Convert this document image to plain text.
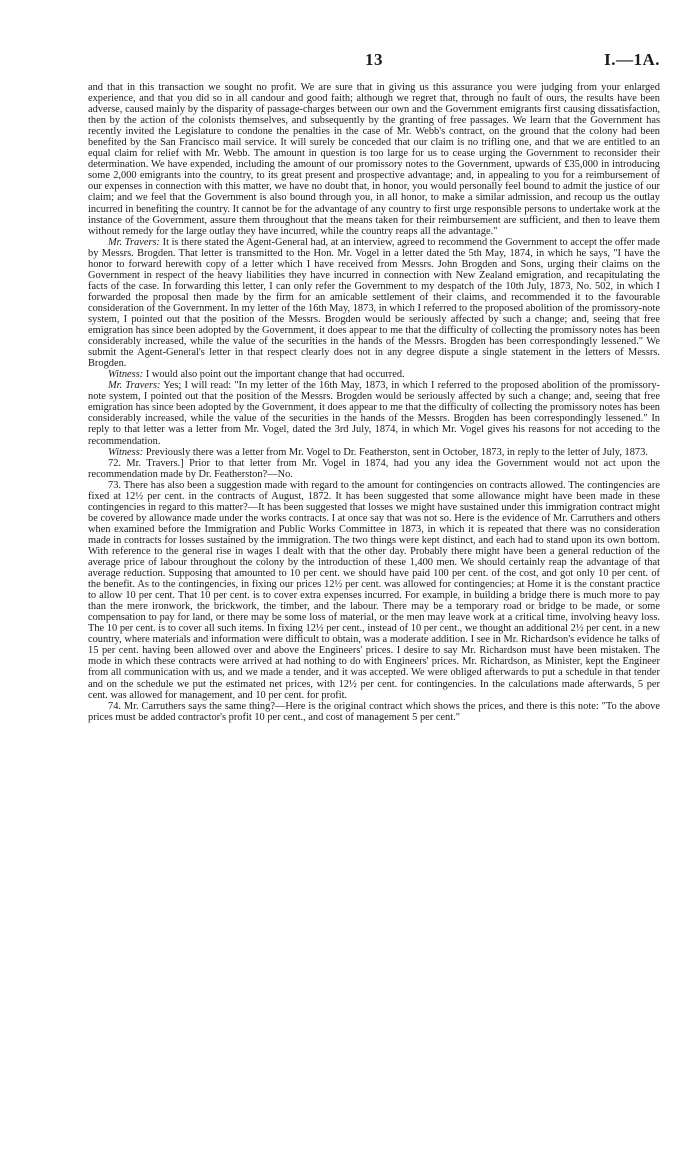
13	I.—1A.

and that in this transaction we sought no profit. We are sure that in giving us this assurance you were judging from your enlarged experience, and that you did so in all candour and good faith; although we regret that, through no fault of ours, the results have been adverse, caused mainly by the disparity of passage-charges between our own and the Government emigrants first causing dissatisfaction, then by the action of the colonists themselves, and subsequently by the granting of free passages. We learn that the Government has recently invited the Legislature to condone the penalties in the case of Mr. Webb's contract, on the ground that the colony had been benefited by the San Francisco mail service. It will surely be conceded that our claim is no trifling one, and that we are entitled to an equal claim for relief with Mr. Webb. The amount in question is too large for us to cease urging the Government to reconsider their determination. We have expended, including the amount of our promissory notes to the Government, upwards of £35,000 in introducing some 2,000 emigrants into the country, to its great present and prospective advantage; and, in appealing to you for a reimbursement of our expenses in connection with this matter, we have no doubt that, in honor, you would personally feel bound to admit the justice of our claim; and we feel that the Government is also bound through you, in all honor, to make a similar admission, and recoup us the outlay incurred in benefiting the country. It cannot be for the advantage of any country to first urge responsible persons to undertake work at the instance of the Government, assure them throughout that the means taken for their reimbursement are sufficient, and then to leave them without remedy for the large outlay they have incurred, while the country reaps all the advantage."

Mr. Travers: It is there stated the Agent-General had, at an interview, agreed to recommend the Government to accept the offer made by Messrs. Brogden. That letter is transmitted to the Hon. Mr. Vogel in a letter dated the 5th May, 1874, in which he says, "I have the honor to forward herewith copy of a letter which I have received from Messrs. John Brogden and Sons, urging their claims on the Government in respect of the heavy liabilities they have incurred in connection with New Zealand emigration, and recapitulating the facts of the case. In forwarding this letter, I can only refer the Government to my despatch of the 10th July, 1873, No. 502, in which I forwarded the proposal then made by the firm for an amicable settlement of their claims, and recommended it to the favourable consideration of the Government. In my letter of the 16th May, 1873, in which I referred to the proposed abolition of the promissory-note system, I pointed out that the position of the Messrs. Brogden would be seriously affected by such a change; and, seeing that free emigration has since been adopted by the Government, it does appear to me that the difficulty of collecting the promissory notes has been considerably increased, while the value of the securities in the hands of the Messrs. Brogden has been correspondingly lessened." We submit the Agent-General's letter in that respect clearly does not in any degree dispute a single statement in the letters of Messrs. Brogden.

Witness: I would also point out the important change that had occurred.

Mr. Travers: Yes; I will read: "In my letter of the 16th May, 1873, in which I referred to the proposed abolition of the promissory-note system, I pointed out that the position of the Messrs. Brogden would be seriously affected by such a change; and, seeing that free emigration has since been adopted by the Government, it does appear to me that the difficulty of collecting the promissory notes has been considerably increased, while the value of the securities in the hands of the Messrs. Brogden has been correspondingly lessened." In reply to that letter was a letter from Mr. Vogel, dated the 3rd July, 1874, in which Mr. Vogel gives his reasons for not acceding to the recommendation.

Witness: Previously there was a letter from Mr. Vogel to Dr. Featherston, sent in October, 1873, in reply to the letter of July, 1873.

72. Mr. Travers.] Prior to that letter from Mr. Vogel in 1874, had you any idea the Government would not act upon the recommendation made by Dr. Featherston?—No.

73. There has also been a suggestion made with regard to the amount for contingencies on contracts allowed. The contingencies are fixed at 12½ per cent. in the contracts of August, 1872. It has been suggested that some allowance might have been made in these contingencies in regard to this matter?—It has been suggested that losses we might have sustained under this immigration contract might be covered by allowance made under the works contracts. I at once say that was not so. Here is the evidence of Mr. Carruthers and others when examined before the Immigration and Public Works Committee in 1873, in which it is repeated that there was no consideration made in contracts for losses sustained by the immigration. The two things were kept distinct, and each had to stand upon its own bottom. With reference to the general rise in wages I dealt with that the other day. Probably there might have been a general reduction of the average price of labour throughout the colony by the introduction of these 1,400 men. We should certainly reap the advantage of that average reduction. Supposing that amounted to 10 per cent. we should have paid 100 per cent. of the cost, and got only 10 per cent. of the benefit. As to the contingencies, in fixing our prices 12½ per cent. was allowed for contingencies; at Home it is the constant practice to allow 10 per cent. That 10 per cent. is to cover extra expenses incurred. For example, in building a bridge there is much more to pay than the mere ironwork, the brickwork, the timber, and the labour. There may be a temporary road or bridge to be made, or some compensation to pay for land, or there may be some loss of material, or the men may leave work at a critical time, involving heavy loss. The 10 per cent. is to cover all such items. In fixing 12½ per cent., instead of 10 per cent., we thought an additional 2½ per cent. in a new country, where materials and information were difficult to obtain, was a moderate addition. I see in Mr. Richardson's evidence he talks of 15 per cent. having been allowed over and above the Engineers' prices. I desire to say Mr. Richardson must have been mistaken. The mode in which these contracts were arrived at had nothing to do with Engineers' prices. Mr. Richardson, as Minister, kept the Engineer from all communication with us, and we made a tender, and it was accepted. We were obliged afterwards to put a schedule in that tender and on the schedule we put the estimated net prices, with 12½ per cent. for contingencies. In the calculations made afterwards, 5 per cent. was allowed for management, and 10 per cent. for profit.

74. Mr. Carruthers says the same thing?—Here is the original contract which shows the prices, and there is this note: "To the above prices must be added contractor's profit 10 per cent., and cost of management 5 per cent."
